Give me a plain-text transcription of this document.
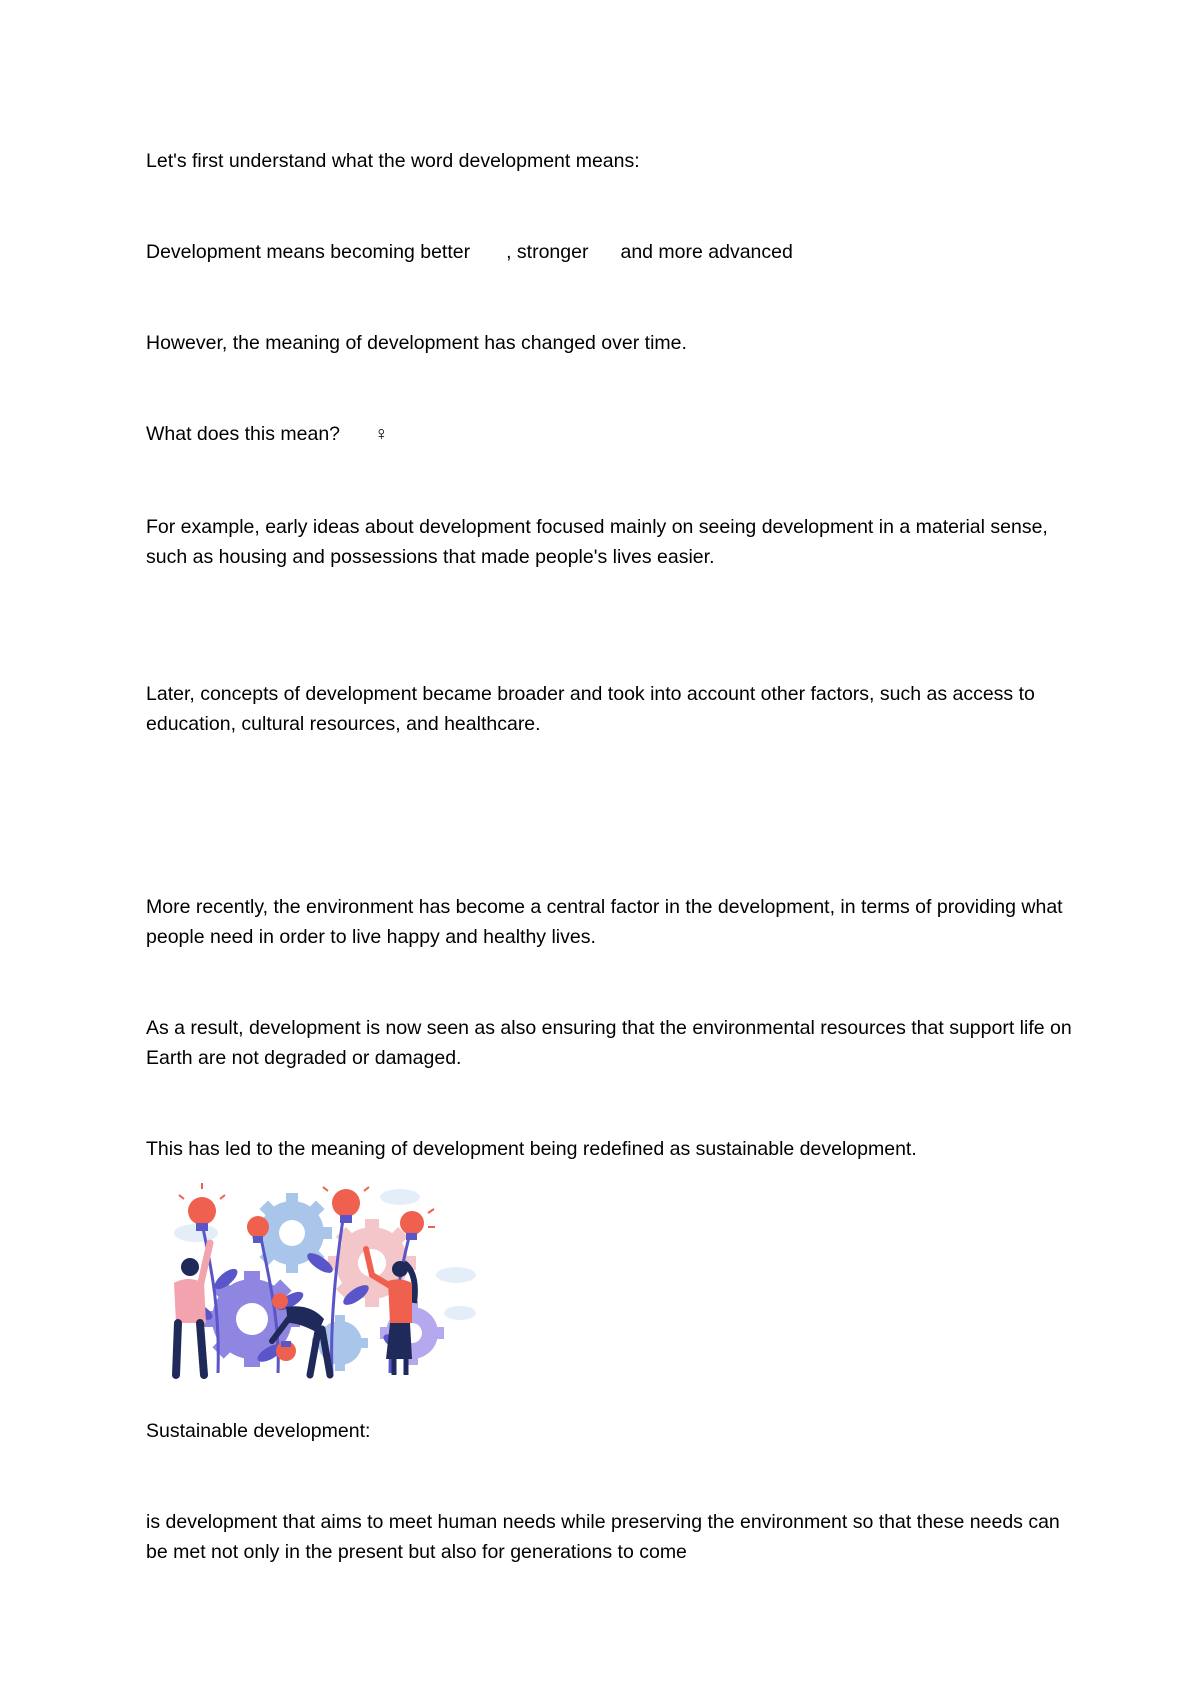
Let's first understand what the word development means:

Development means becoming better , stronger and more advanced

However, the meaning of development has changed over time.

What does this mean? ♀

For example, early ideas about development focused mainly on seeing development in a material sense, such as housing and possessions that made people's lives easier.

Later, concepts of development became broader and took into account other factors, such as access to education, cultural resources, and healthcare.

More recently, the environment has become a central factor in the development, in terms of providing what people need in order to live happy and healthy lives.

As a result, development is now seen as also ensuring that the environmental resources that support life on Earth are not degraded or damaged.

This has led to the meaning of development being redefined as sustainable development.

Sustainable development:

is development that aims to meet human needs while preserving the environment so that these needs can be met not only in the present but also for generations to come
